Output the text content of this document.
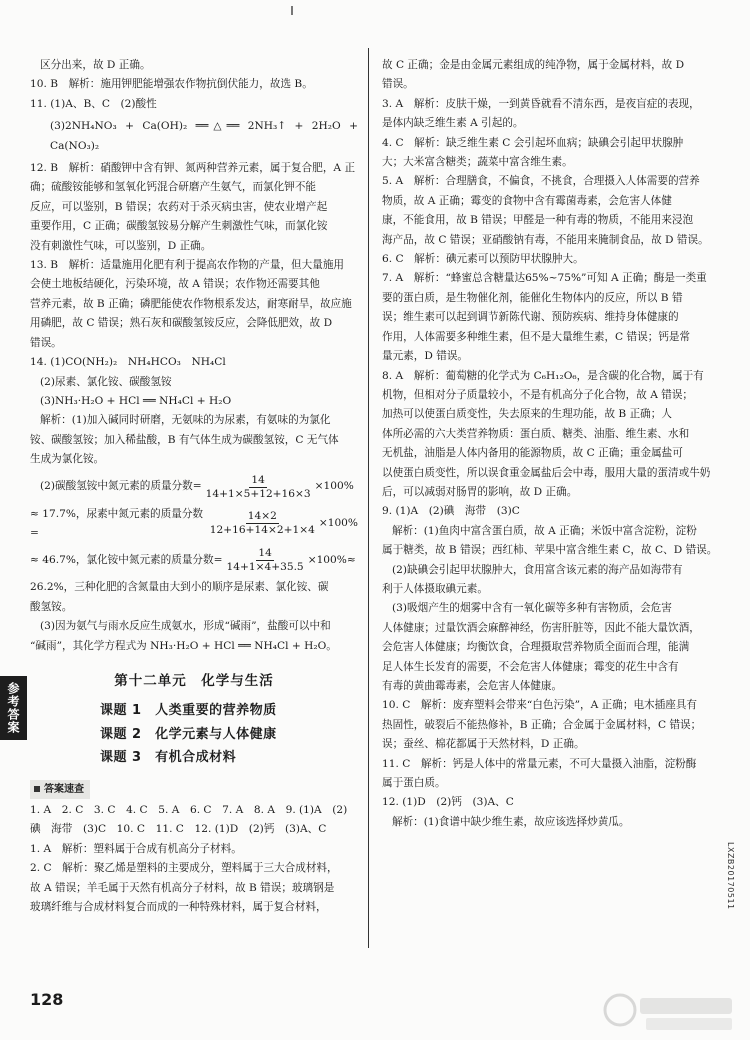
区分出来，故 D 正确。

10. B　解析：施用钾肥能增强农作物抗倒伏能力，故选 B。

11. (1)A、B、C　(2)酸性

(3)2NH₄NO₃ + Ca(OH)₂ ══△══ 2NH₃↑ + 2H₂O + Ca(NO₃)₂

12. B　解析：硝酸钾中含有钾、氮两种营养元素，属于复合肥，A 正

确；硫酸铵能够和氢氧化钙混合研磨产生氨气，而氯化钾不能

反应，可以鉴别，B 错误；农药对于杀灭病虫害，使农业增产起

重要作用，C 正确；碳酸氢铵易分解产生刺激性气味，而氯化铵

没有刺激性气味，可以鉴别，D 正确。

13. B　解析：适量施用化肥有利于提高农作物的产量，但大量施用

会使土地板结硬化，污染环境，故 A 错误；农作物还需要其他

营养元素，故 B 正确；磷肥能使农作物根系发达，耐寒耐旱，故应施

用磷肥，故 C 错误；熟石灰和碳酸氢铵反应，会降低肥效，故 D

错误。

14. (1)CO(NH₂)₂　NH₄HCO₃　NH₄Cl

(2)尿素、氯化铵、碳酸氢铵

(3)NH₃·H₂O + HCl ══ NH₄Cl + H₂O

解析：(1)加入碱同时研磨，无氨味的为尿素，有氨味的为氯化

铵、碳酸氢铵；加入稀盐酸，B 有气体生成为碳酸氢铵，C 无气体

生成为氯化铵。

(2)碳酸氢铵中氮元素的质量分数= $\frac{14}{14+1\times 5+12+16\times 3} \times 100\%$
≈ 17.7%，尿素中氮元素的质量分数=	$\frac{14\times 2}{12+16+14\times 2+1\times 4} \times 100\%$
≈ 46.7%，氯化铵中氮元素的质量分数= $\frac{14}{14+1\times 4+35.5} \times 100\%\approx$

26.2%，三种化肥的含氮量由大到小的顺序是尿素、氯化铵、碳

酸氢铵。

(3)因为氨气与雨水反应生成氨水，形成“碱雨”，盐酸可以中和

“碱雨”，其化学方程式为 NH₃·H₂O + HCl ══ NH₄Cl + H₂O。

第十二单元　化学与生活
课题 1　人类重要的营养物质
课题 2　化学元素与人体健康
课题 3　有机合成材料
答案速查

1. A　2. C　3. C　4. C　5. A　6. C　7. A　8. A　9. (1)A　(2)

碘　海带　(3)C　10. C　11. C　12. (1)D　(2)钙　(3)A、C

1. A　解析：塑料属于合成有机高分子材料。

2. C　解析：聚乙烯是塑料的主要成分，塑料属于三大合成材料，

故 A 错误；羊毛属于天然有机高分子材料，故 B 错误；玻璃钢是

玻璃纤维与合成材料复合而成的一种特殊材料，属于复合材料，

故 C 正确；金是由金属元素组成的纯净物，属于金属材料，故 D

错误。

3. A　解析：皮肤干燥，一到黄昏就看不清东西，是夜盲症的表现，

是体内缺乏维生素 A 引起的。

4. C　解析：缺乏维生素 C 会引起坏血病；缺碘会引起甲状腺肿

大；大米富含糖类；蔬菜中富含维生素。

5. A　解析：合理膳食，不偏食，不挑食，合理摄入人体需要的营养

物质，故 A 正确；霉变的食物中含有霉菌毒素，会危害人体健

康，不能食用，故 B 错误；甲醛是一种有毒的物质，不能用来浸泡

海产品，故 C 错误；亚硝酸钠有毒，不能用来腌制食品，故 D 错误。

6. C　解析：碘元素可以预防甲状腺肿大。

7. A　解析：“蜂蜜总含糖量达65%~75%”可知 A 正确；酶是一类重

要的蛋白质，是生物催化剂，能催化生物体内的反应，所以 B 错

误；维生素可以起到调节新陈代谢、预防疾病、维持身体健康的

作用，人体需要多种维生素，但不是大量维生素，C 错误；钙是常

量元素，D 错误。

8. A　解析：葡萄糖的化学式为 C₆H₁₂O₆，是含碳的化合物，属于有

机物，但相对分子质量较小，不是有机高分子化合物，故 A 错误；

加热可以使蛋白质变性，失去原来的生理功能，故 B 正确；人

体所必需的六大类营养物质：蛋白质、糖类、油脂、维生素、水和

无机盐，油脂是人体内备用的能源物质，故 C 正确；重金属盐可

以使蛋白质变性，所以误食重金属盐后会中毒，服用大量的蛋清或牛奶

后，可以减弱对肠胃的影响，故 D 正确。

9. (1)A　(2)碘　海带　(3)C

解析：(1)鱼肉中富含蛋白质，故 A 正确；米饭中富含淀粉，淀粉

属于糖类，故 B 错误；西红柿、苹果中富含维生素 C，故 C、D 错误。

(2)缺碘会引起甲状腺肿大，食用富含该元素的海产品如海带有

利于人体摄取碘元素。

(3)吸烟产生的烟雾中含有一氧化碳等多种有害物质，会危害

人体健康；过量饮酒会麻醉神经，伤害肝脏等，因此不能大量饮酒，

会危害人体健康；均衡饮食，合理摄取营养物质全面而合理，能满

足人体生长发育的需要，不会危害人体健康；霉变的花生中含有

有毒的黄曲霉毒素，会危害人体健康。

10. C　解析：废弃塑料会带来“白色污染”，A 正确；电木插座具有

热固性，破裂后不能热修补，B 正确；合金属于金属材料，C 错误；

误；蚕丝、棉花都属于天然材料，D 正确。

11. C　解析：钙是人体中的常量元素，不可大量摄入油脂，淀粉酶

属于蛋白质。

12. (1)D　(2)钙　(3)A、C

解析：(1)食谱中缺少维生素，故应该选择炒黄瓜。

参考答案
128
LXZB20170511
